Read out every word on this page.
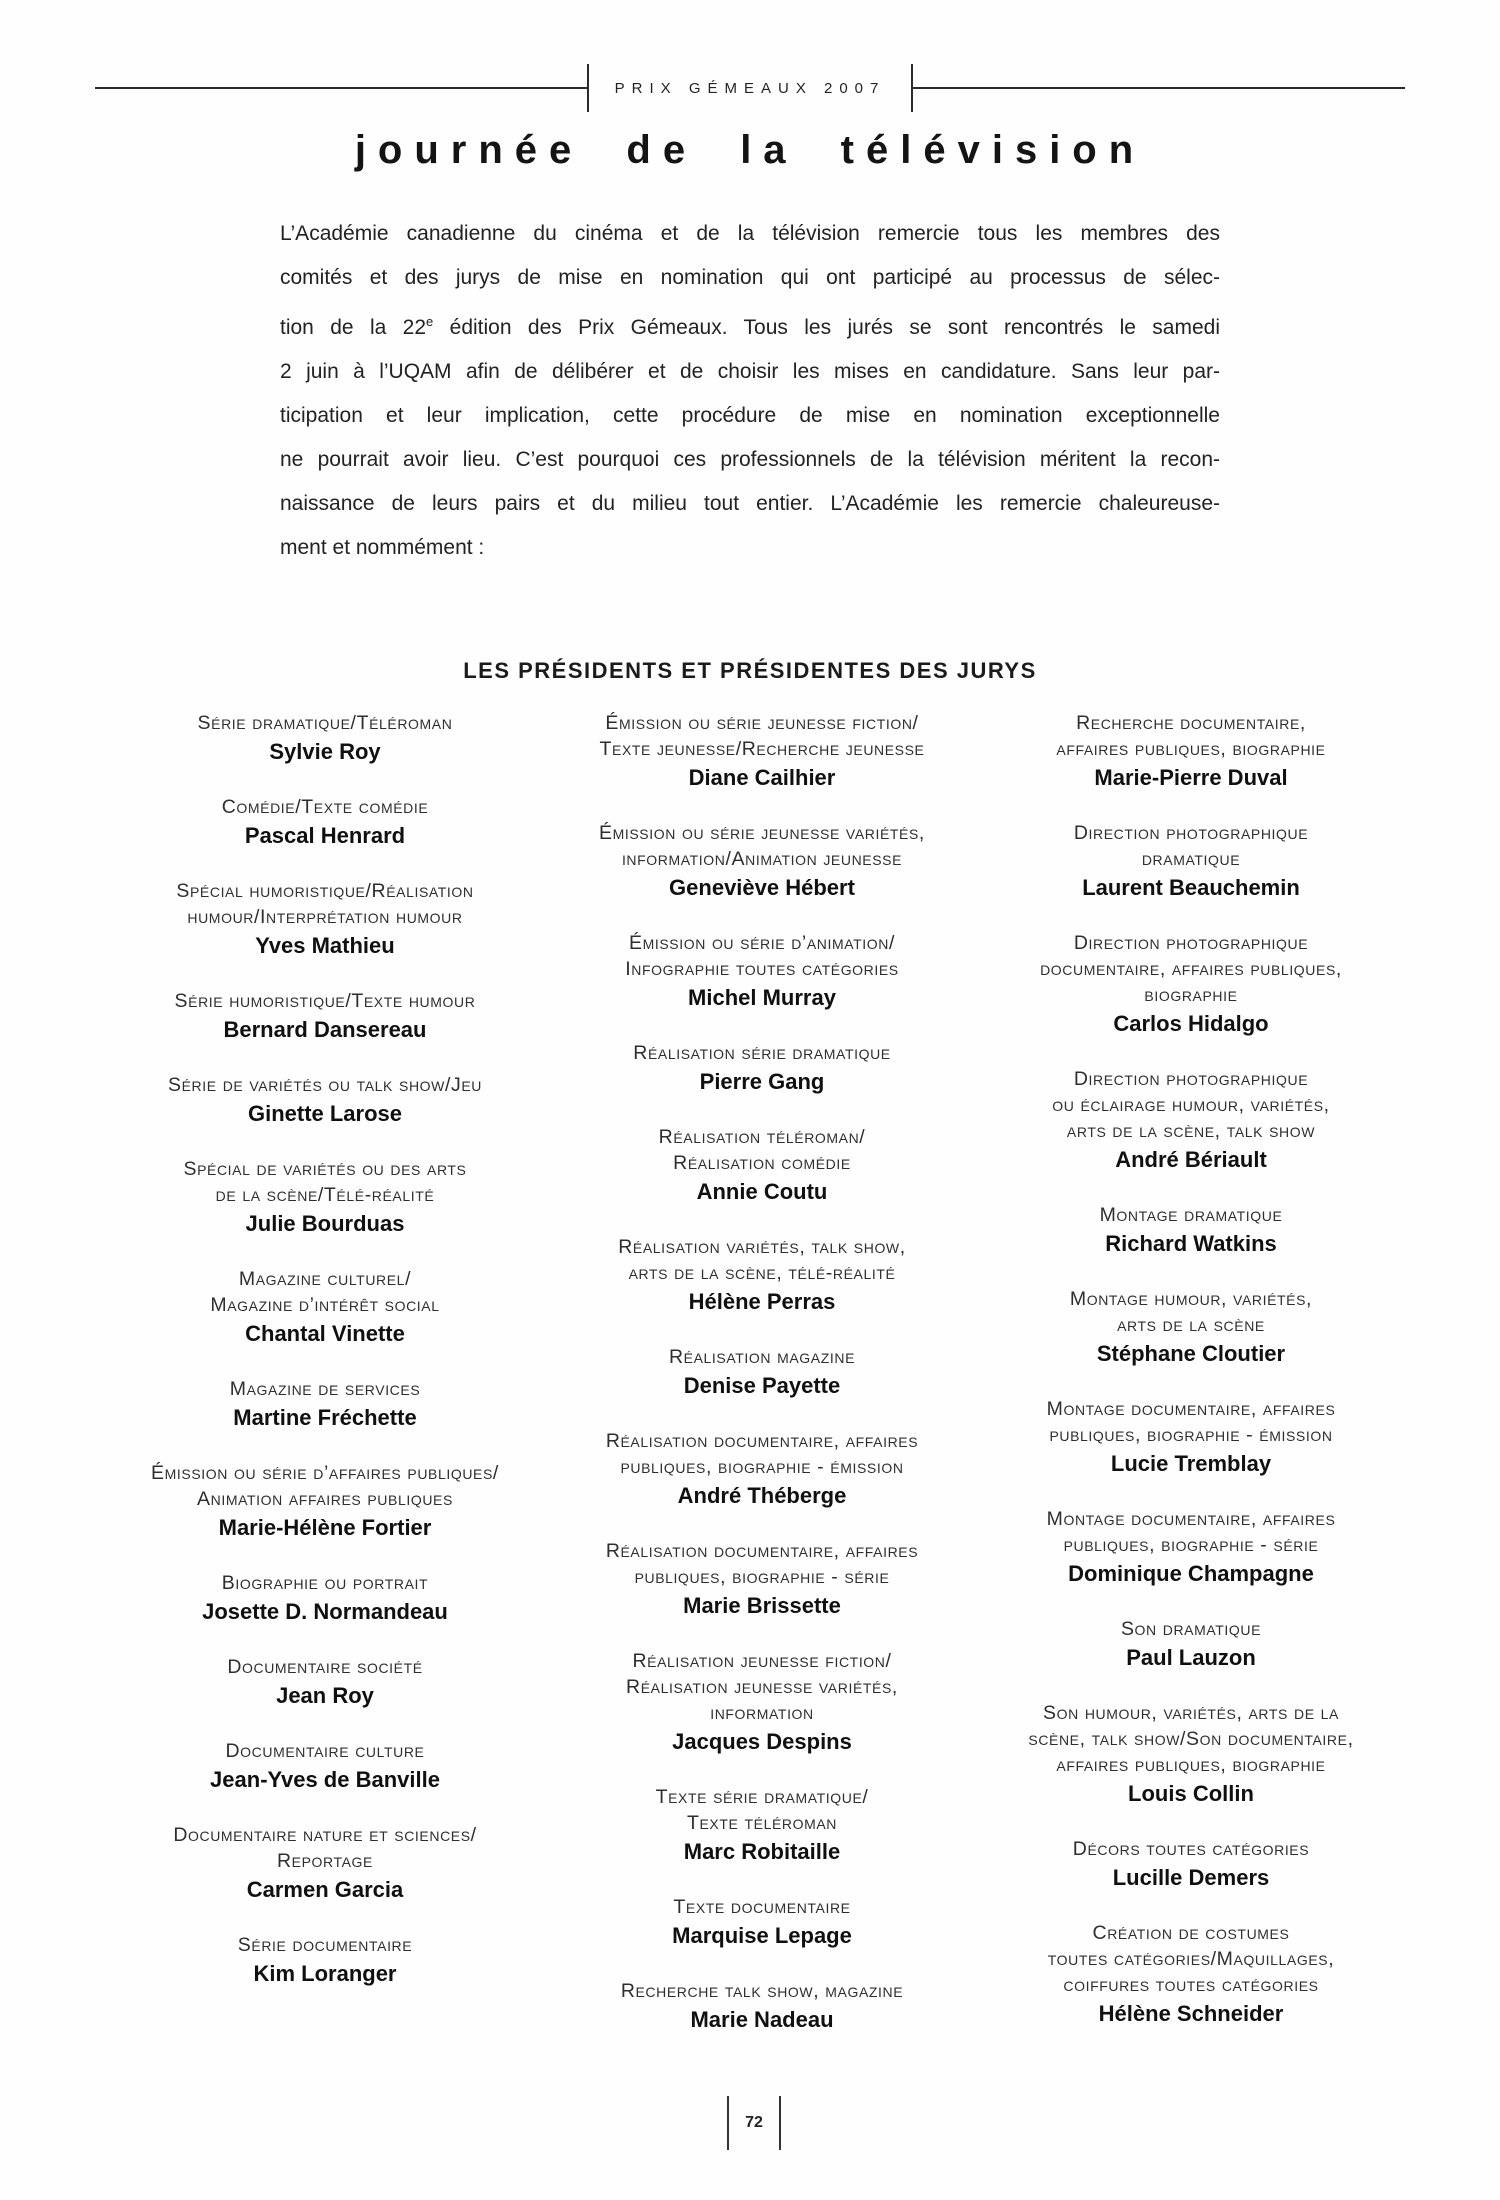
PRIX GÉMEAUX 2007
journée de la télévision
L’Académie canadienne du cinéma et de la télévision remercie tous les membres des
comités et des jurys de mise en nomination qui ont participé au processus de sélec-
tion de la 22e édition des Prix Gémeaux. Tous les jurés se sont rencontrés le samedi
2 juin à l’UQAM afin de délibérer et de choisir les mises en candidature. Sans leur par-
ticipation et leur implication, cette procédure de mise en nomination exceptionnelle
ne pourrait avoir lieu. C’est pourquoi ces professionnels de la télévision méritent la recon-
naissance de leurs pairs et du milieu tout entier. L’Académie les remercie chaleureuse-
ment et nommément :
LES PRÉSIDENTS ET PRÉSIDENTES DES JURYS
Série dramatique/Téléroman
Sylvie Roy
Comédie/Texte comédie
Pascal Henrard
Spécial humoristique/Réalisation
humour/Interprétation humour
Yves Mathieu
Série humoristique/Texte humour
Bernard Dansereau
Série de variétés ou talk show/Jeu
Ginette Larose
Spécial de variétés ou des arts
de la scène/Télé-réalité
Julie Bourduas
Magazine culturel/
Magazine d’intérêt social
Chantal Vinette
Magazine de services
Martine Fréchette
Émission ou série d’affaires publiques/
Animation affaires publiques
Marie-Hélène Fortier
Biographie ou portrait
Josette D. Normandeau
Documentaire société
Jean Roy
Documentaire culture
Jean-Yves de Banville
Documentaire nature et sciences/
Reportage
Carmen Garcia
Série documentaire
Kim Loranger
Émission ou série jeunesse fiction/
Texte jeunesse/Recherche jeunesse
Diane Cailhier
Émission ou série jeunesse variétés,
information/Animation jeunesse
Geneviève Hébert
Émission ou série d’animation/
Infographie toutes catégories
Michel Murray
Réalisation série dramatique
Pierre Gang
Réalisation téléroman/
Réalisation comédie
Annie Coutu
Réalisation variétés, talk show,
arts de la scène, télé-réalité
Hélène Perras
Réalisation magazine
Denise Payette
Réalisation documentaire, affaires
publiques, biographie - émission
André Théberge
Réalisation documentaire, affaires
publiques, biographie - série
Marie Brissette
Réalisation jeunesse fiction/
Réalisation jeunesse variétés,
information
Jacques Despins
Texte série dramatique/
Texte téléroman
Marc Robitaille
Texte documentaire
Marquise Lepage
Recherche talk show, magazine
Marie Nadeau
Recherche documentaire,
affaires publiques, biographie
Marie-Pierre Duval
Direction photographique
dramatique
Laurent Beauchemin
Direction photographique
documentaire, affaires publiques,
biographie
Carlos Hidalgo
Direction photographique
ou éclairage humour, variétés,
arts de la scène, talk show
André Bériault
Montage dramatique
Richard Watkins
Montage humour, variétés,
arts de la scène
Stéphane Cloutier
Montage documentaire, affaires
publiques, biographie - émission
Lucie Tremblay
Montage documentaire, affaires
publiques, biographie - série
Dominique Champagne
Son dramatique
Paul Lauzon
Son humour, variétés, arts de la
scène, talk show/Son documentaire,
affaires publiques, biographie
Louis Collin
Décors toutes catégories
Lucille Demers
Création de costumes
toutes catégories/Maquillages,
coiffures toutes catégories
Hélène Schneider
72
